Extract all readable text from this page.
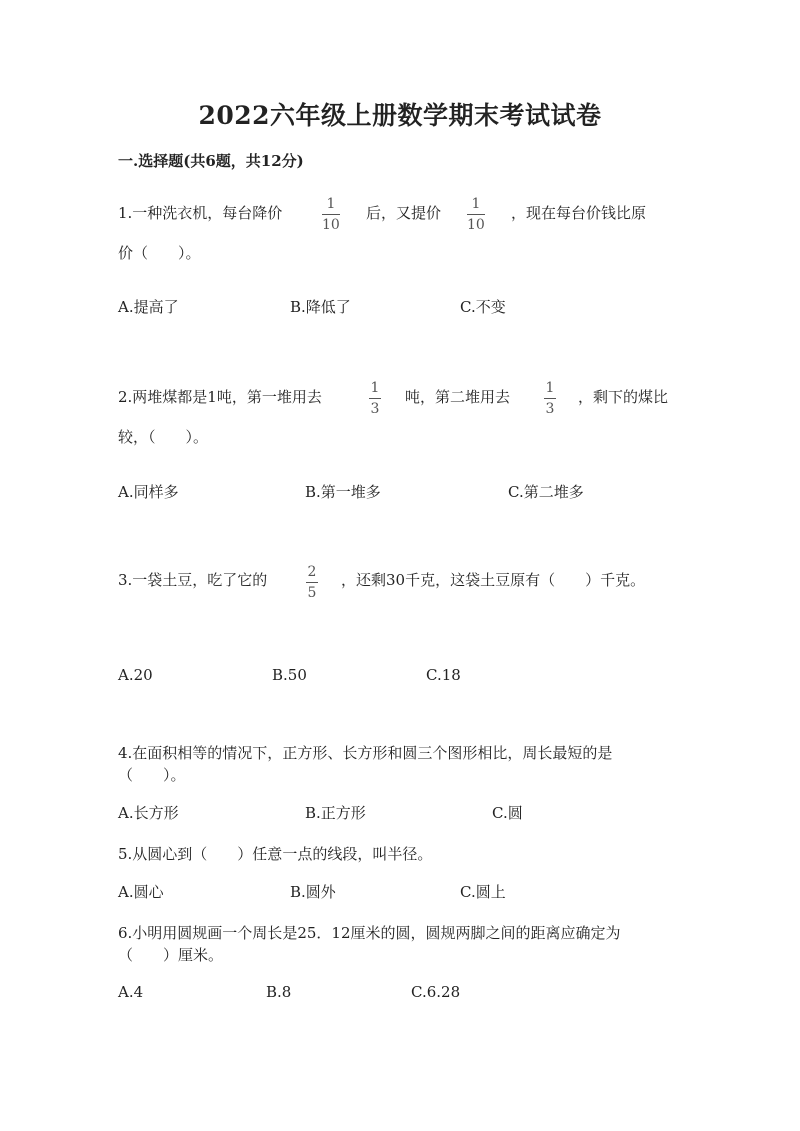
2022六年级上册数学期末考试试卷
一.选择题(共6题，共12分)
1.一种洗衣机，每台降价	1
10
后，又提价 1
10
，现在每台价钱比原
价（　　）。
A.提高了	B.降低了	C.不变
2.两堆煤都是1吨，第一堆用去	1
3
吨，第二堆用去	1
3
，剩下的煤比
较，（　　）。
A.同样多	B.第一堆多	C.第二堆多
3.一袋土豆，吃了它的	2
5
，还剩30千克，这袋土豆原有（　　）千克。
A.20	B.50	C.18
4.在面积相等的情况下，正方形、长方形和圆三个图形相比，周长最短的是
（　　）。
A.长方形	B.正方形	C.圆
5.从圆心到（　　）任意一点的线段，叫半径。
A.圆心	B.圆外	C.圆上
6.小明用圆规画一个周长是25．12厘米的圆，圆规两脚之间的距离应确定为
（　　）厘米。
A.4	B.8	C.6.28
